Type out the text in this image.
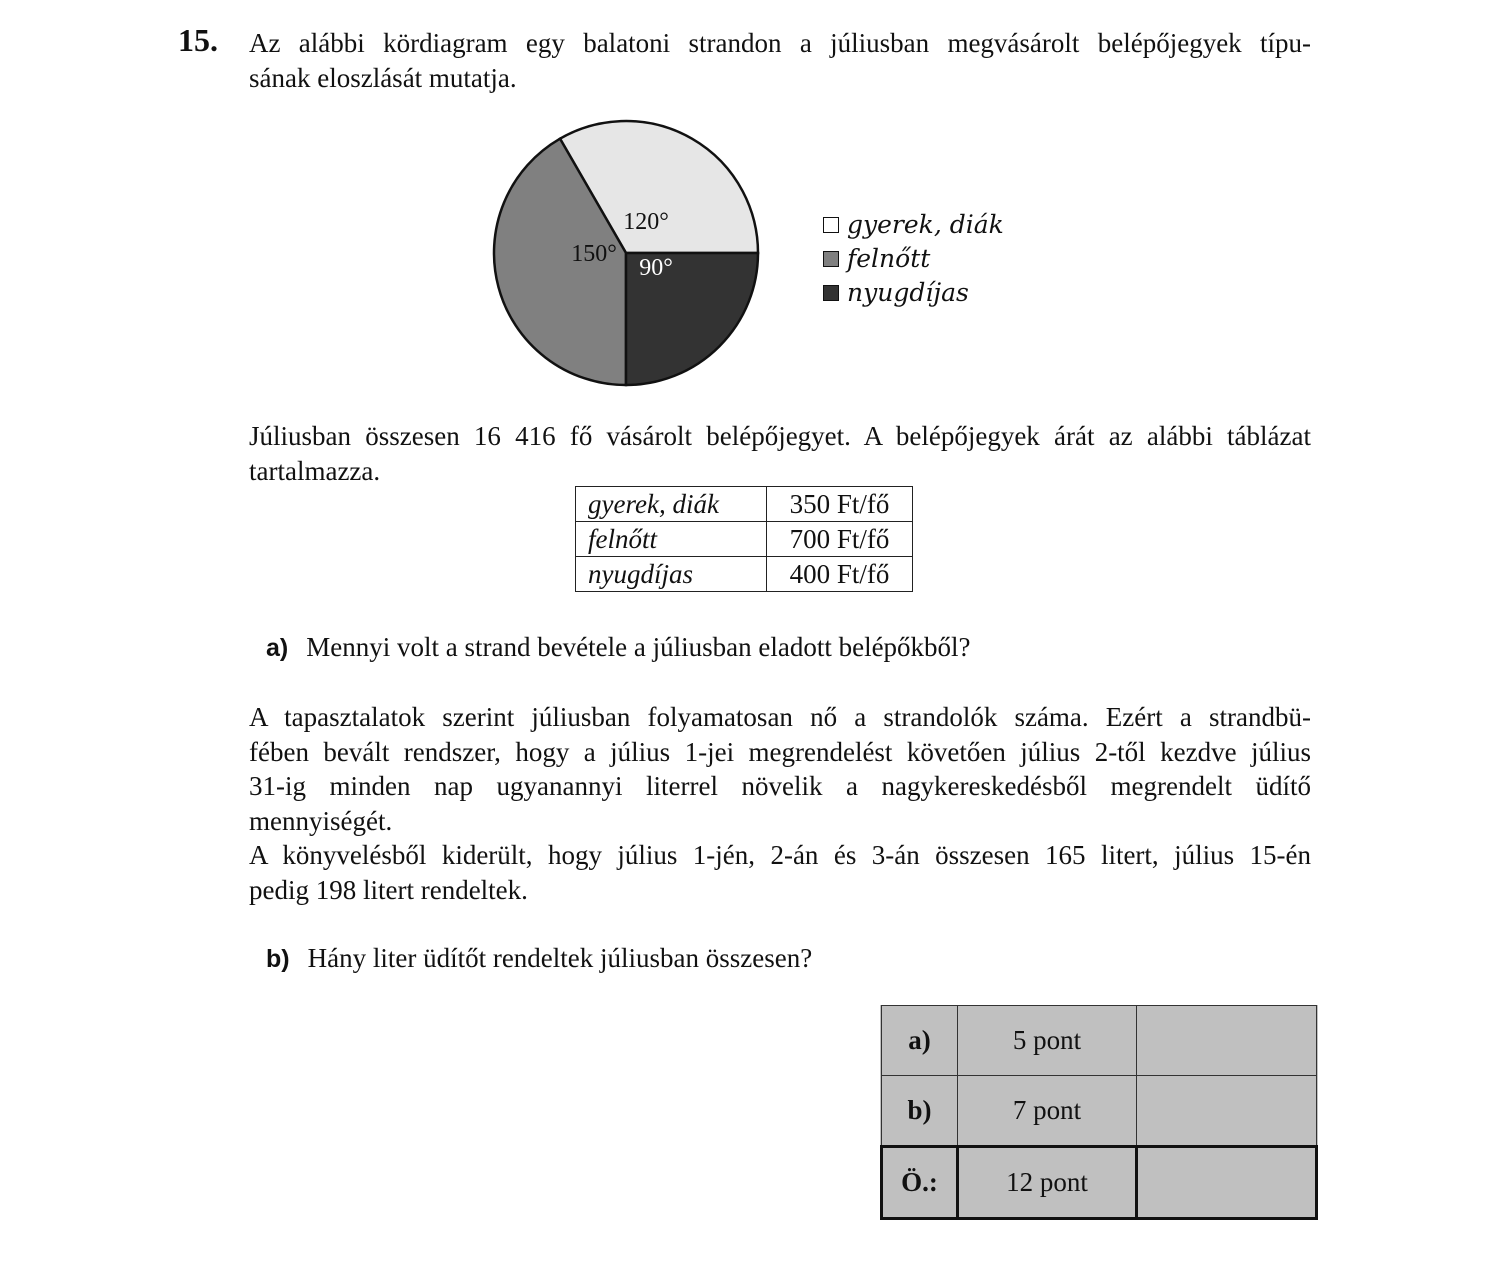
15. Az alábbi kördiagram egy balatoni strandon a júliusban megvásárolt belépőjegyek típu-
sának eloszlását mutatja.
120°
150°
90°
gyerek, diák
felnőtt
nyugdíjas
Júliusban összesen 16 416 fő vásárolt belépőjegyet. A belépőjegyek árát az alábbi táblázat
tartalmazza.
gyerek, diák	350 Ft/fő
felnőtt	700 Ft/fő
nyugdíjas	400 Ft/fő
a) Mennyi volt a strand bevétele a júliusban eladott belépőkből?
A tapasztalatok szerint júliusban folyamatosan nő a strandolók száma. Ezért a strandbü-
fében bevált rendszer, hogy a július 1-jei megrendelést követően július 2-től kezdve július
31-ig minden nap ugyanannyi literrel növelik a nagykereskedésből megrendelt üdítő
mennyiségét.
A könyvelésből kiderült, hogy július 1-jén, 2-án és 3-án összesen 165 litert, július 15-én
pedig 198 litert rendeltek.
b) Hány liter üdítőt rendeltek júliusban összesen?
a)	5 pont	
b)	7 pont	
Ö.:	12 pont	
